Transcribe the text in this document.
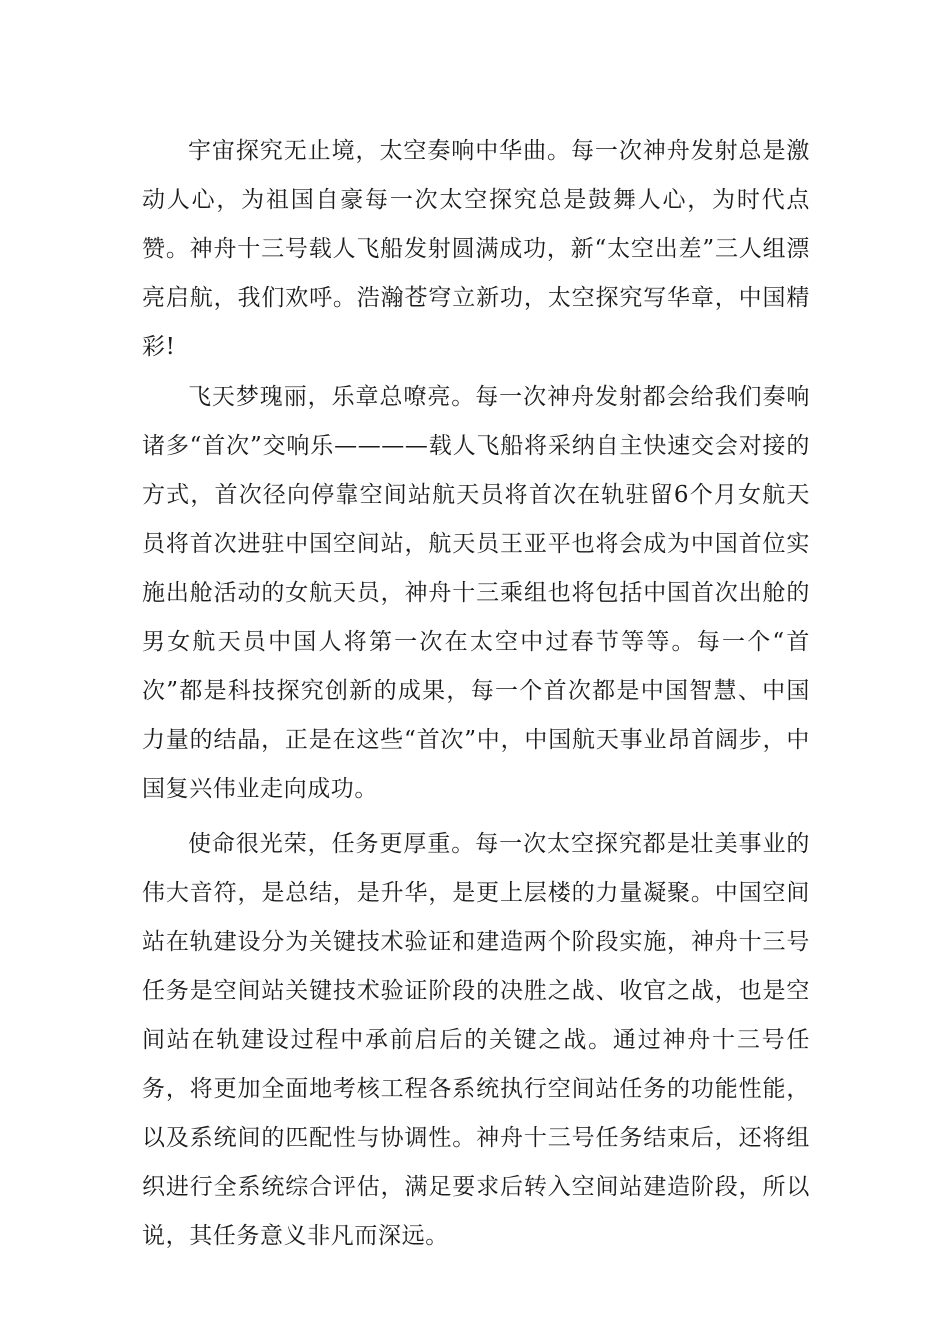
宇宙探究无止境，太空奏响中华曲。每一次神舟发射总是激动人心，为祖国自豪每一次太空探究总是鼓舞人心，为时代点赞。神舟十三号载人飞船发射圆满成功，新“太空出差”三人组漂亮启航，我们欢呼。浩瀚苍穹立新功，太空探究写华章，中国精彩!

飞天梦瑰丽，乐章总嘹亮。每一次神舟发射都会给我们奏响诸多“首次”交响乐————载人飞船将采纳自主快速交会对接的方式，首次径向停靠空间站航天员将首次在轨驻留6个月女航天员将首次进驻中国空间站，航天员王亚平也将会成为中国首位实施出舱活动的女航天员，神舟十三乘组也将包括中国首次出舱的男女航天员中国人将第一次在太空中过春节等等。每一个“首次”都是科技探究创新的成果，每一个首次都是中国智慧、中国力量的结晶，正是在这些“首次”中，中国航天事业昂首阔步，中国复兴伟业走向成功。

使命很光荣，任务更厚重。每一次太空探究都是壮美事业的伟大音符，是总结，是升华，是更上层楼的力量凝聚。中国空间站在轨建设分为关键技术验证和建造两个阶段实施，神舟十三号任务是空间站关键技术验证阶段的决胜之战、收官之战，也是空间站在轨建设过程中承前启后的关键之战。通过神舟十三号任务，将更加全面地考核工程各系统执行空间站任务的功能性能，以及系统间的匹配性与协调性。神舟十三号任务结束后，还将组织进行全系统综合评估，满足要求后转入空间站建造阶段，所以说，其任务意义非凡而深远。
